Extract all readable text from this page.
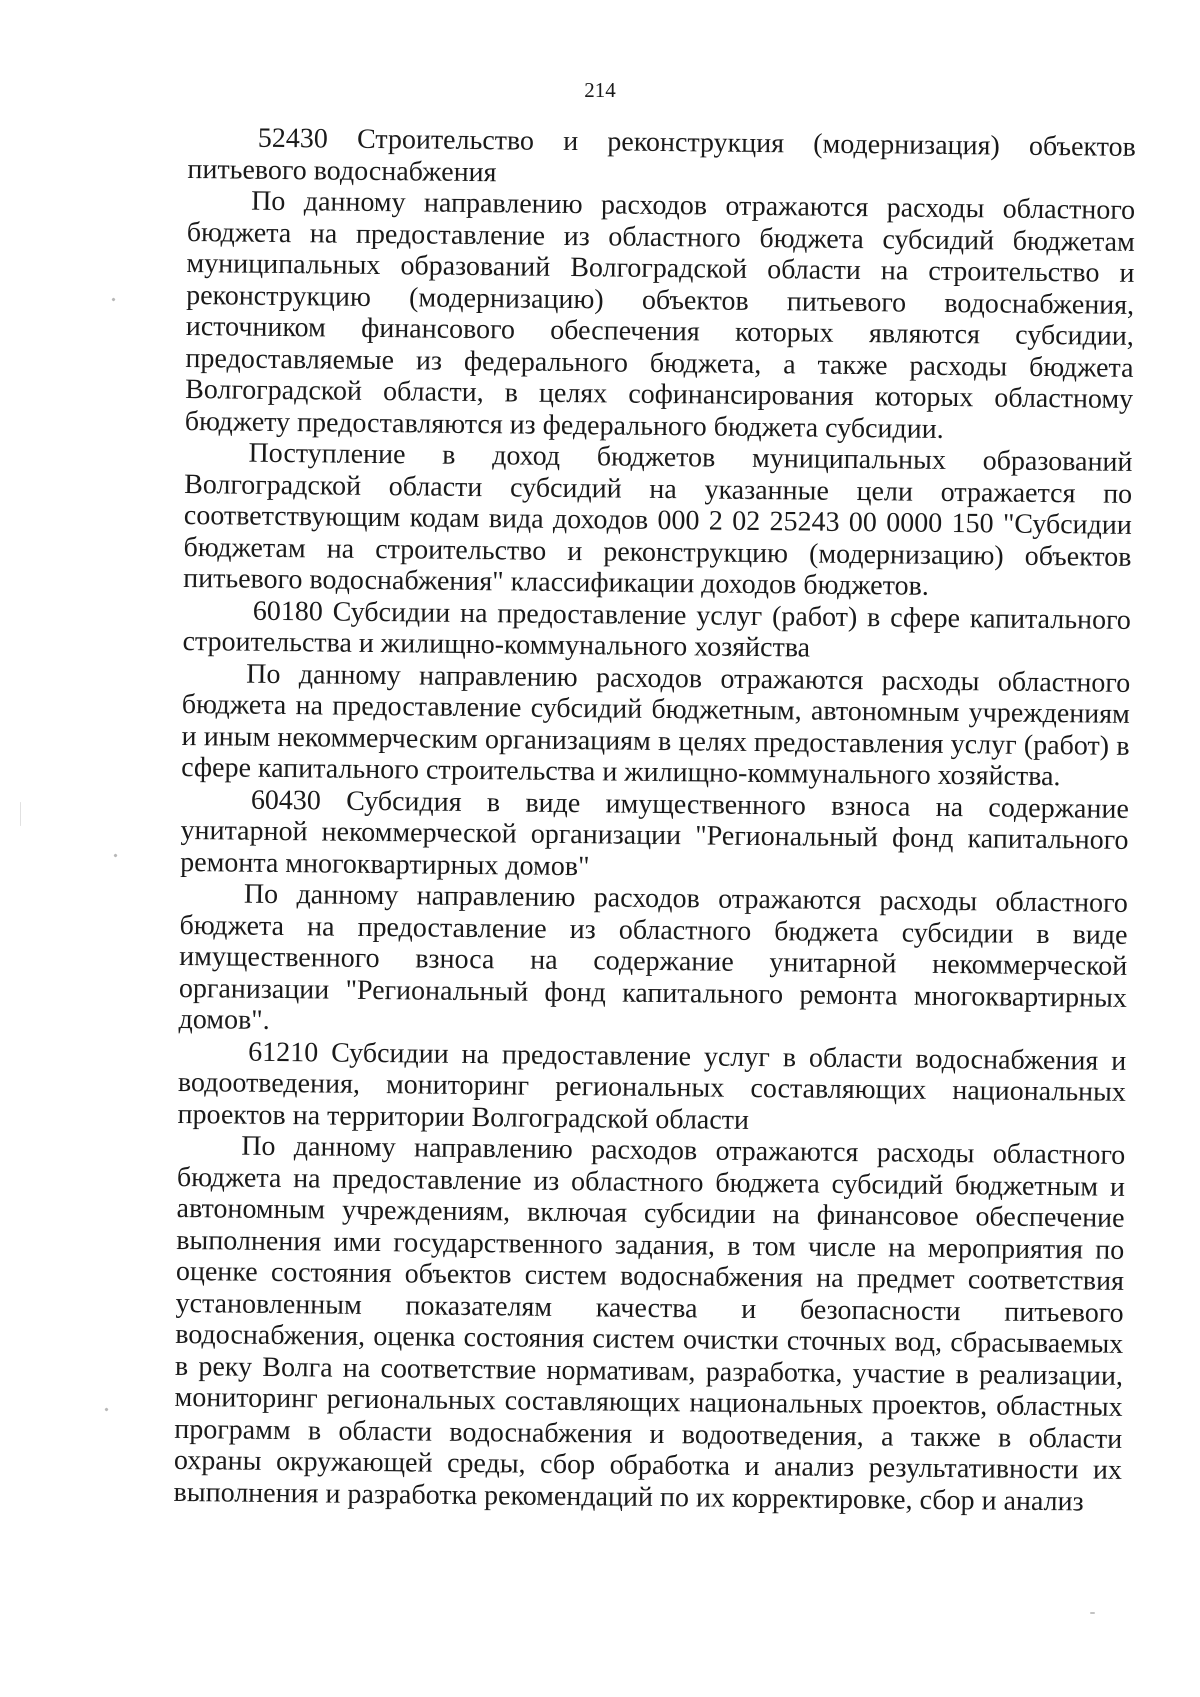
214

52430 Строительство и реконструкция (модернизация) объектов питьевого водоснабжения

По данному направлению расходов отражаются расходы областного бюджета на предоставление из областного бюджета субсидий бюджетам муниципальных образований Волгоградской области на строительство и реконструкцию (модернизацию) объектов питьевого водоснабжения, источником финансового обеспечения которых являются субсидии, предоставляемые из федерального бюджета, а также расходы бюджета Волгоградской области, в целях софинансирования которых областному бюджету предоставляются из федерального бюджета субсидии.

Поступление в доход бюджетов муниципальных образований Волгоградской области субсидий на указанные цели отражается по соответствующим кодам вида доходов 000 2 02 25243 00 0000 150 "Субсидии бюджетам на строительство и реконструкцию (модернизацию) объектов питьевого водоснабжения" классификации доходов бюджетов.

60180 Субсидии на предоставление услуг (работ) в сфере капитального строительства и жилищно-коммунального хозяйства

По данному направлению расходов отражаются расходы областного бюджета на предоставление субсидий бюджетным, автономным учреждениям и иным некоммерческим организациям в целях предоставления услуг (работ) в сфере капитального строительства и жилищно-коммунального хозяйства.

60430 Субсидия в виде имущественного взноса на содержание унитарной некоммерческой организации "Региональный фонд капитального ремонта многоквартирных домов"

По данному направлению расходов отражаются расходы областного бюджета на предоставление из областного бюджета субсидии в виде имущественного взноса на содержание унитарной некоммерческой организации "Региональный фонд капитального ремонта многоквартирных домов".

61210 Субсидии на предоставление услуг в области водоснабжения и водоотведения, мониторинг региональных составляющих национальных проектов на территории Волгоградской области

По данному направлению расходов отражаются расходы областного бюджета на предоставление из областного бюджета субсидий бюджетным и автономным учреждениям, включая субсидии на финансовое обеспечение выполнения ими государственного задания, в том числе на мероприятия по оценке состояния объектов систем водоснабжения на предмет соответствия установленным показателям качества и безопасности питьевого водоснабжения, оценка состояния систем очистки сточных вод, сбрасываемых в реку Волга на соответствие нормативам, разработка, участие в реализации, мониторинг региональных составляющих национальных проектов, областных программ в области водоснабжения и водоотведения, а также в области охраны окружающей среды, сбор обработка и анализ результативности их выполнения и разработка рекомендаций по их корректировке, сбор и анализ
